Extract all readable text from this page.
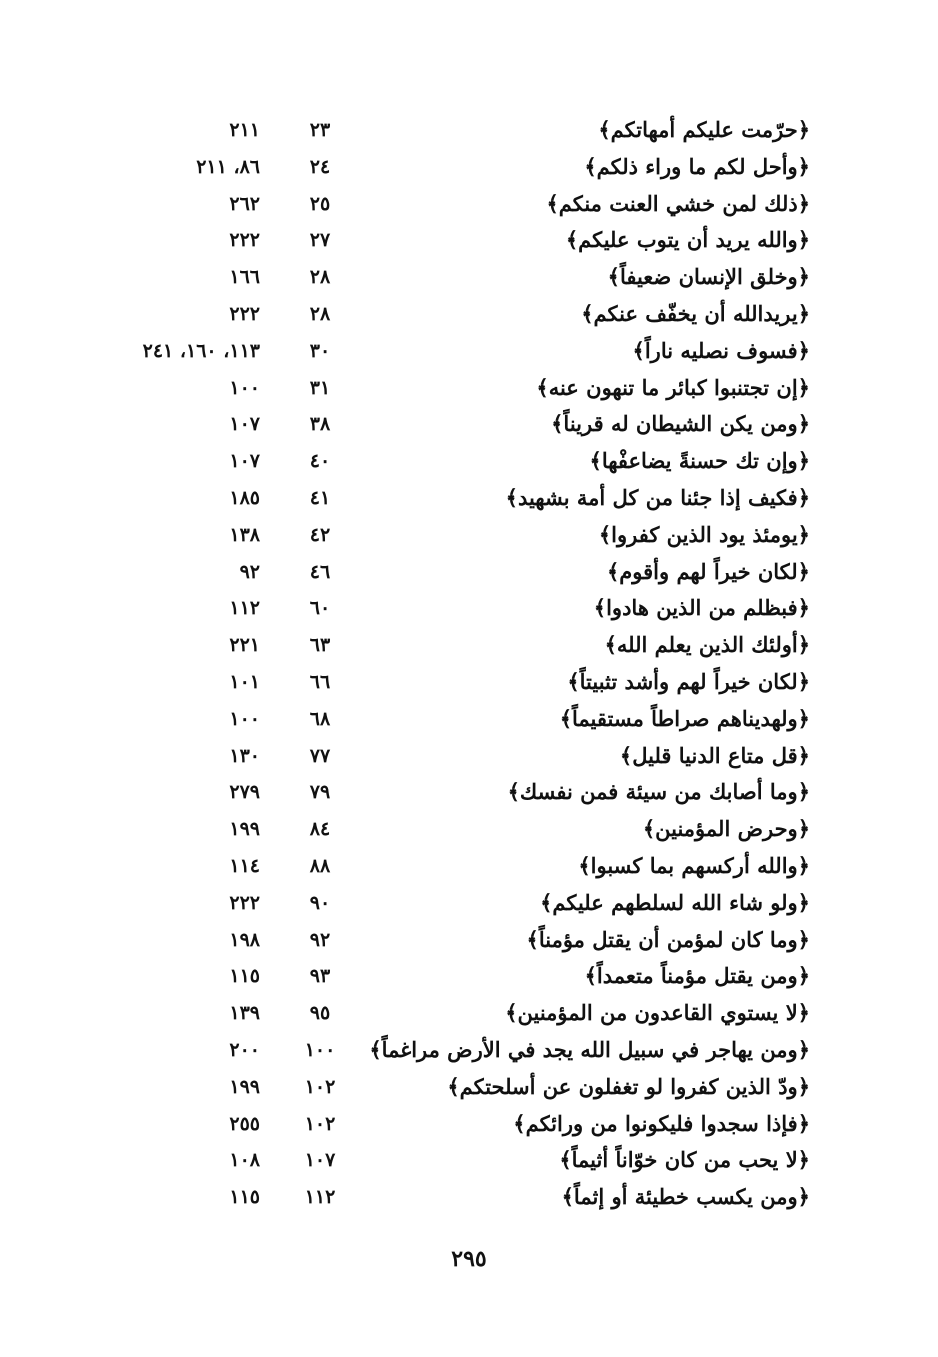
﴿حرّمت عليكم أمهاتكم﴾
٢٣
٢١١
﴿وأحل لكم ما وراء ذلكم﴾
٢٤
٨٦، ٢١١
﴿ذلك لمن خشي العنت منكم﴾
٢٥
٢٦٢
﴿والله يريد أن يتوب عليكم﴾
٢٧
٢٢٢
﴿وخلق الإنسان ضعيفاً﴾
٢٨
١٦٦
﴿يريدالله أن يخفّف عنكم﴾
٢٨
٢٢٢
﴿فسوف نصليه ناراً﴾
٣٠
١١٣، ١٦٠، ٢٤١
﴿إن تجتنبوا كبائر ما تنهون عنه﴾
٣١
١٠٠
﴿ومن يكن الشيطان له قريناً﴾
٣٨
١٠٧
﴿وإن تك حسنةً يضاعفْها﴾
٤٠
١٠٧
﴿فكيف إذا جئنا من كل أمة بشهيد﴾
٤١
١٨٥
﴿يومئذ يود الذين كفروا﴾
٤٢
١٣٨
﴿لكان خيراً لهم وأقوم﴾
٤٦
٩٢
﴿فبظلم من الذين هادوا﴾
٦٠
١١٢
﴿أولئك الذين يعلم الله﴾
٦٣
٢٢١
﴿لكان خيراً لهم وأشد تثبيتاً﴾
٦٦
١٠١
﴿ولهديناهم صراطاً مستقيماً﴾
٦٨
١٠٠
﴿قل متاع الدنيا قليل﴾
٧٧
١٣٠
﴿وما أصابك من سيئة فمن نفسك﴾
٧٩
٢٧٩
﴿وحرض المؤمنين﴾
٨٤
١٩٩
﴿والله أركسهم بما كسبوا﴾
٨٨
١١٤
﴿ولو شاء الله لسلطهم عليكم﴾
٩٠
٢٢٢
﴿وما كان لمؤمن أن يقتل مؤمناً﴾
٩٢
١٩٨
﴿ومن يقتل مؤمناً متعمداً﴾
٩٣
١١٥
﴿لا يستوي القاعدون من المؤمنين﴾
٩٥
١٣٩
﴿ومن يهاجر في سبيل الله يجد في الأرض مراغماً﴾
١٠٠
٢٠٠
﴿ودّ الذين كفروا لو تغفلون عن أسلحتكم﴾
١٠٢
١٩٩
﴿فإذا سجدوا فليكونوا من ورائكم﴾
١٠٢
٢٥٥
﴿لا يحب من كان خوّاناً أثيماً﴾
١٠٧
١٠٨
﴿ومن يكسب خطيئة أو إثماً﴾
١١٢
١١٥
٢٩٥
